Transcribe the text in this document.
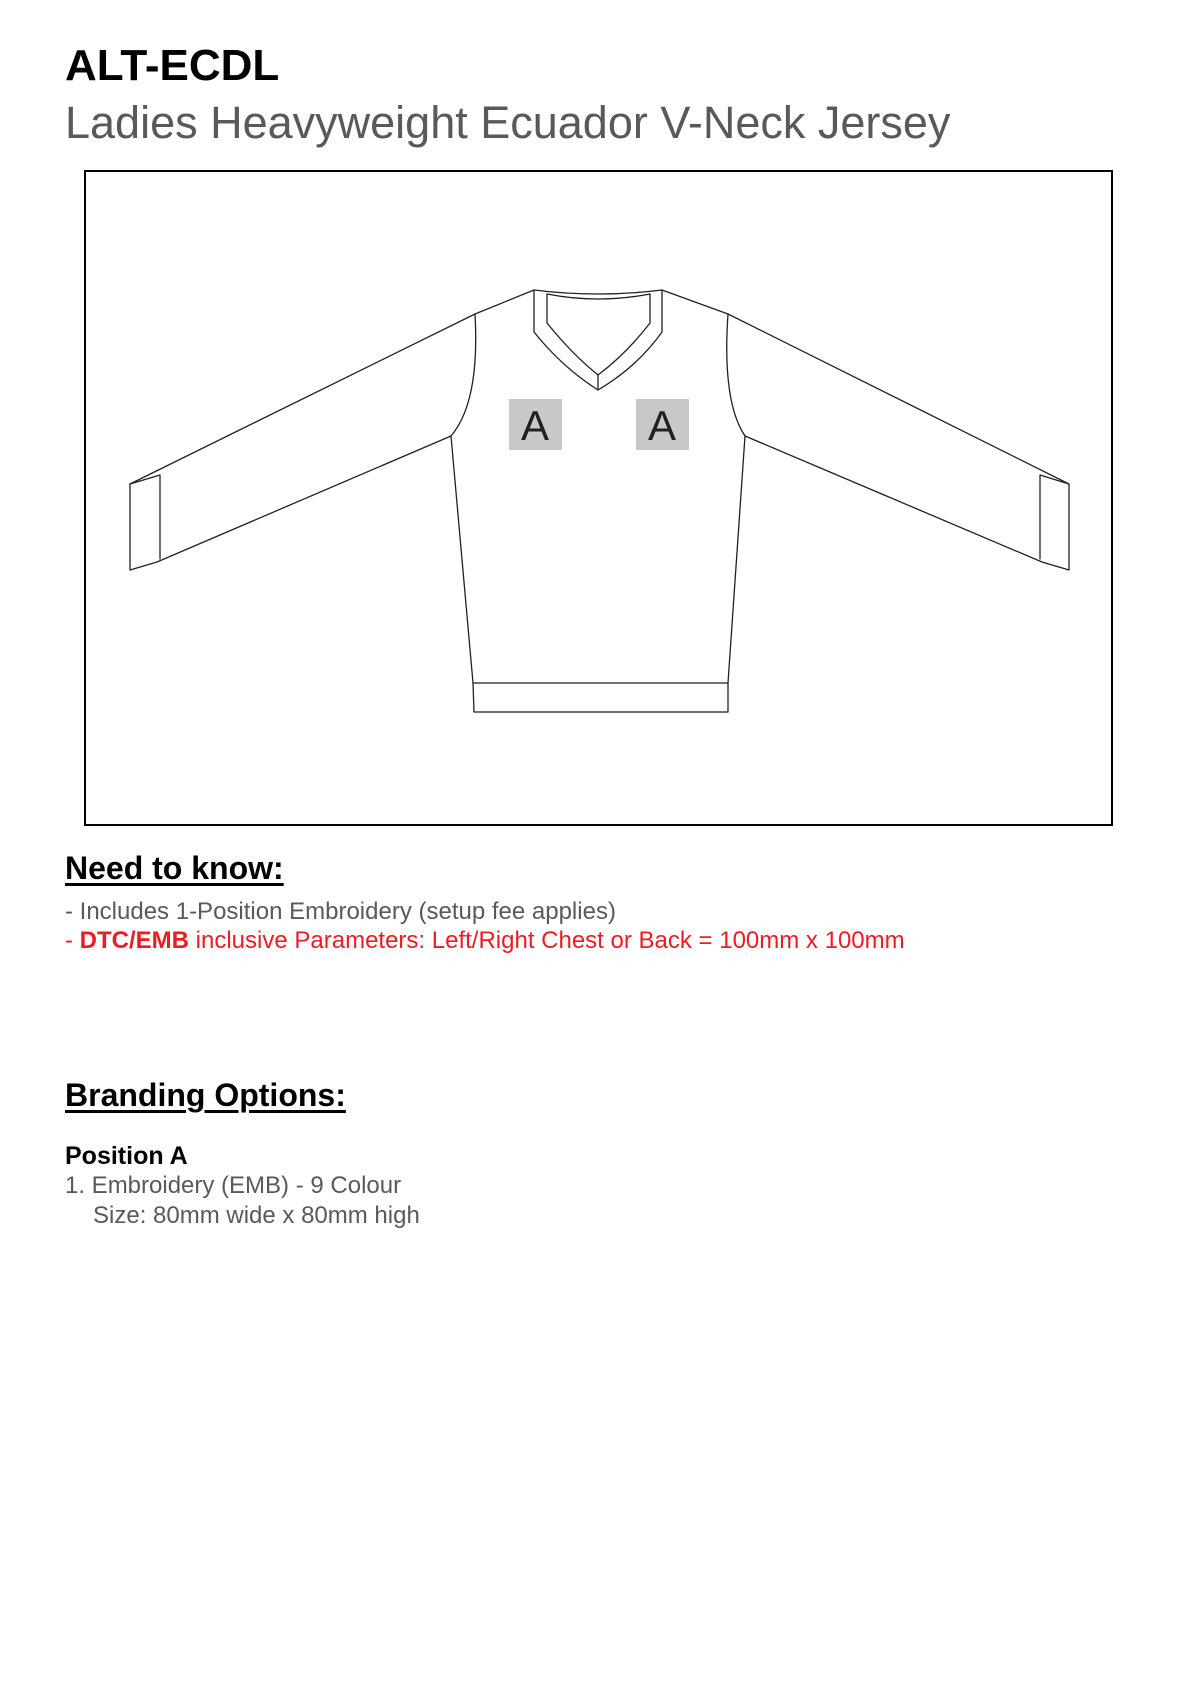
ALT-ECDL
Ladies Heavyweight Ecuador V-Neck Jersey
A A
Need to know:
- Includes 1-Position Embroidery (setup fee applies)
- DTC/EMB inclusive Parameters: Left/Right Chest or Back = 100mm x 100mm
Branding Options:
Position A
1. Embroidery (EMB) - 9 Colour
Size: 80mm wide x 80mm high
